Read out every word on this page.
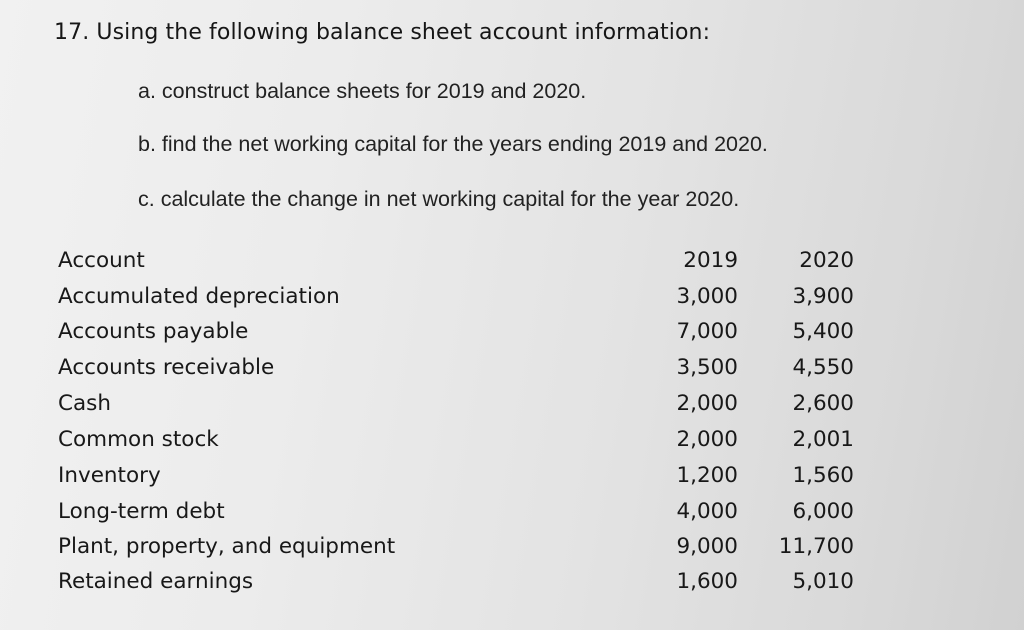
17. Using the following balance sheet account information:
a. construct balance sheets for 2019 and 2020.
b. find the net working capital for the years ending 2019 and 2020.
c. calculate the change in net working capital for the year 2020.
Account	2019	2020
Accumulated depreciation	3,000	3,900
Accounts payable	7,000	5,400
Accounts receivable	3,500	4,550
Cash	2,000	2,600
Common stock	2,000	2,001
Inventory	1,200	1,560
Long-term debt	4,000	6,000
Plant, property, and equipment	9,000	11,700
Retained earnings	1,600	5,010
